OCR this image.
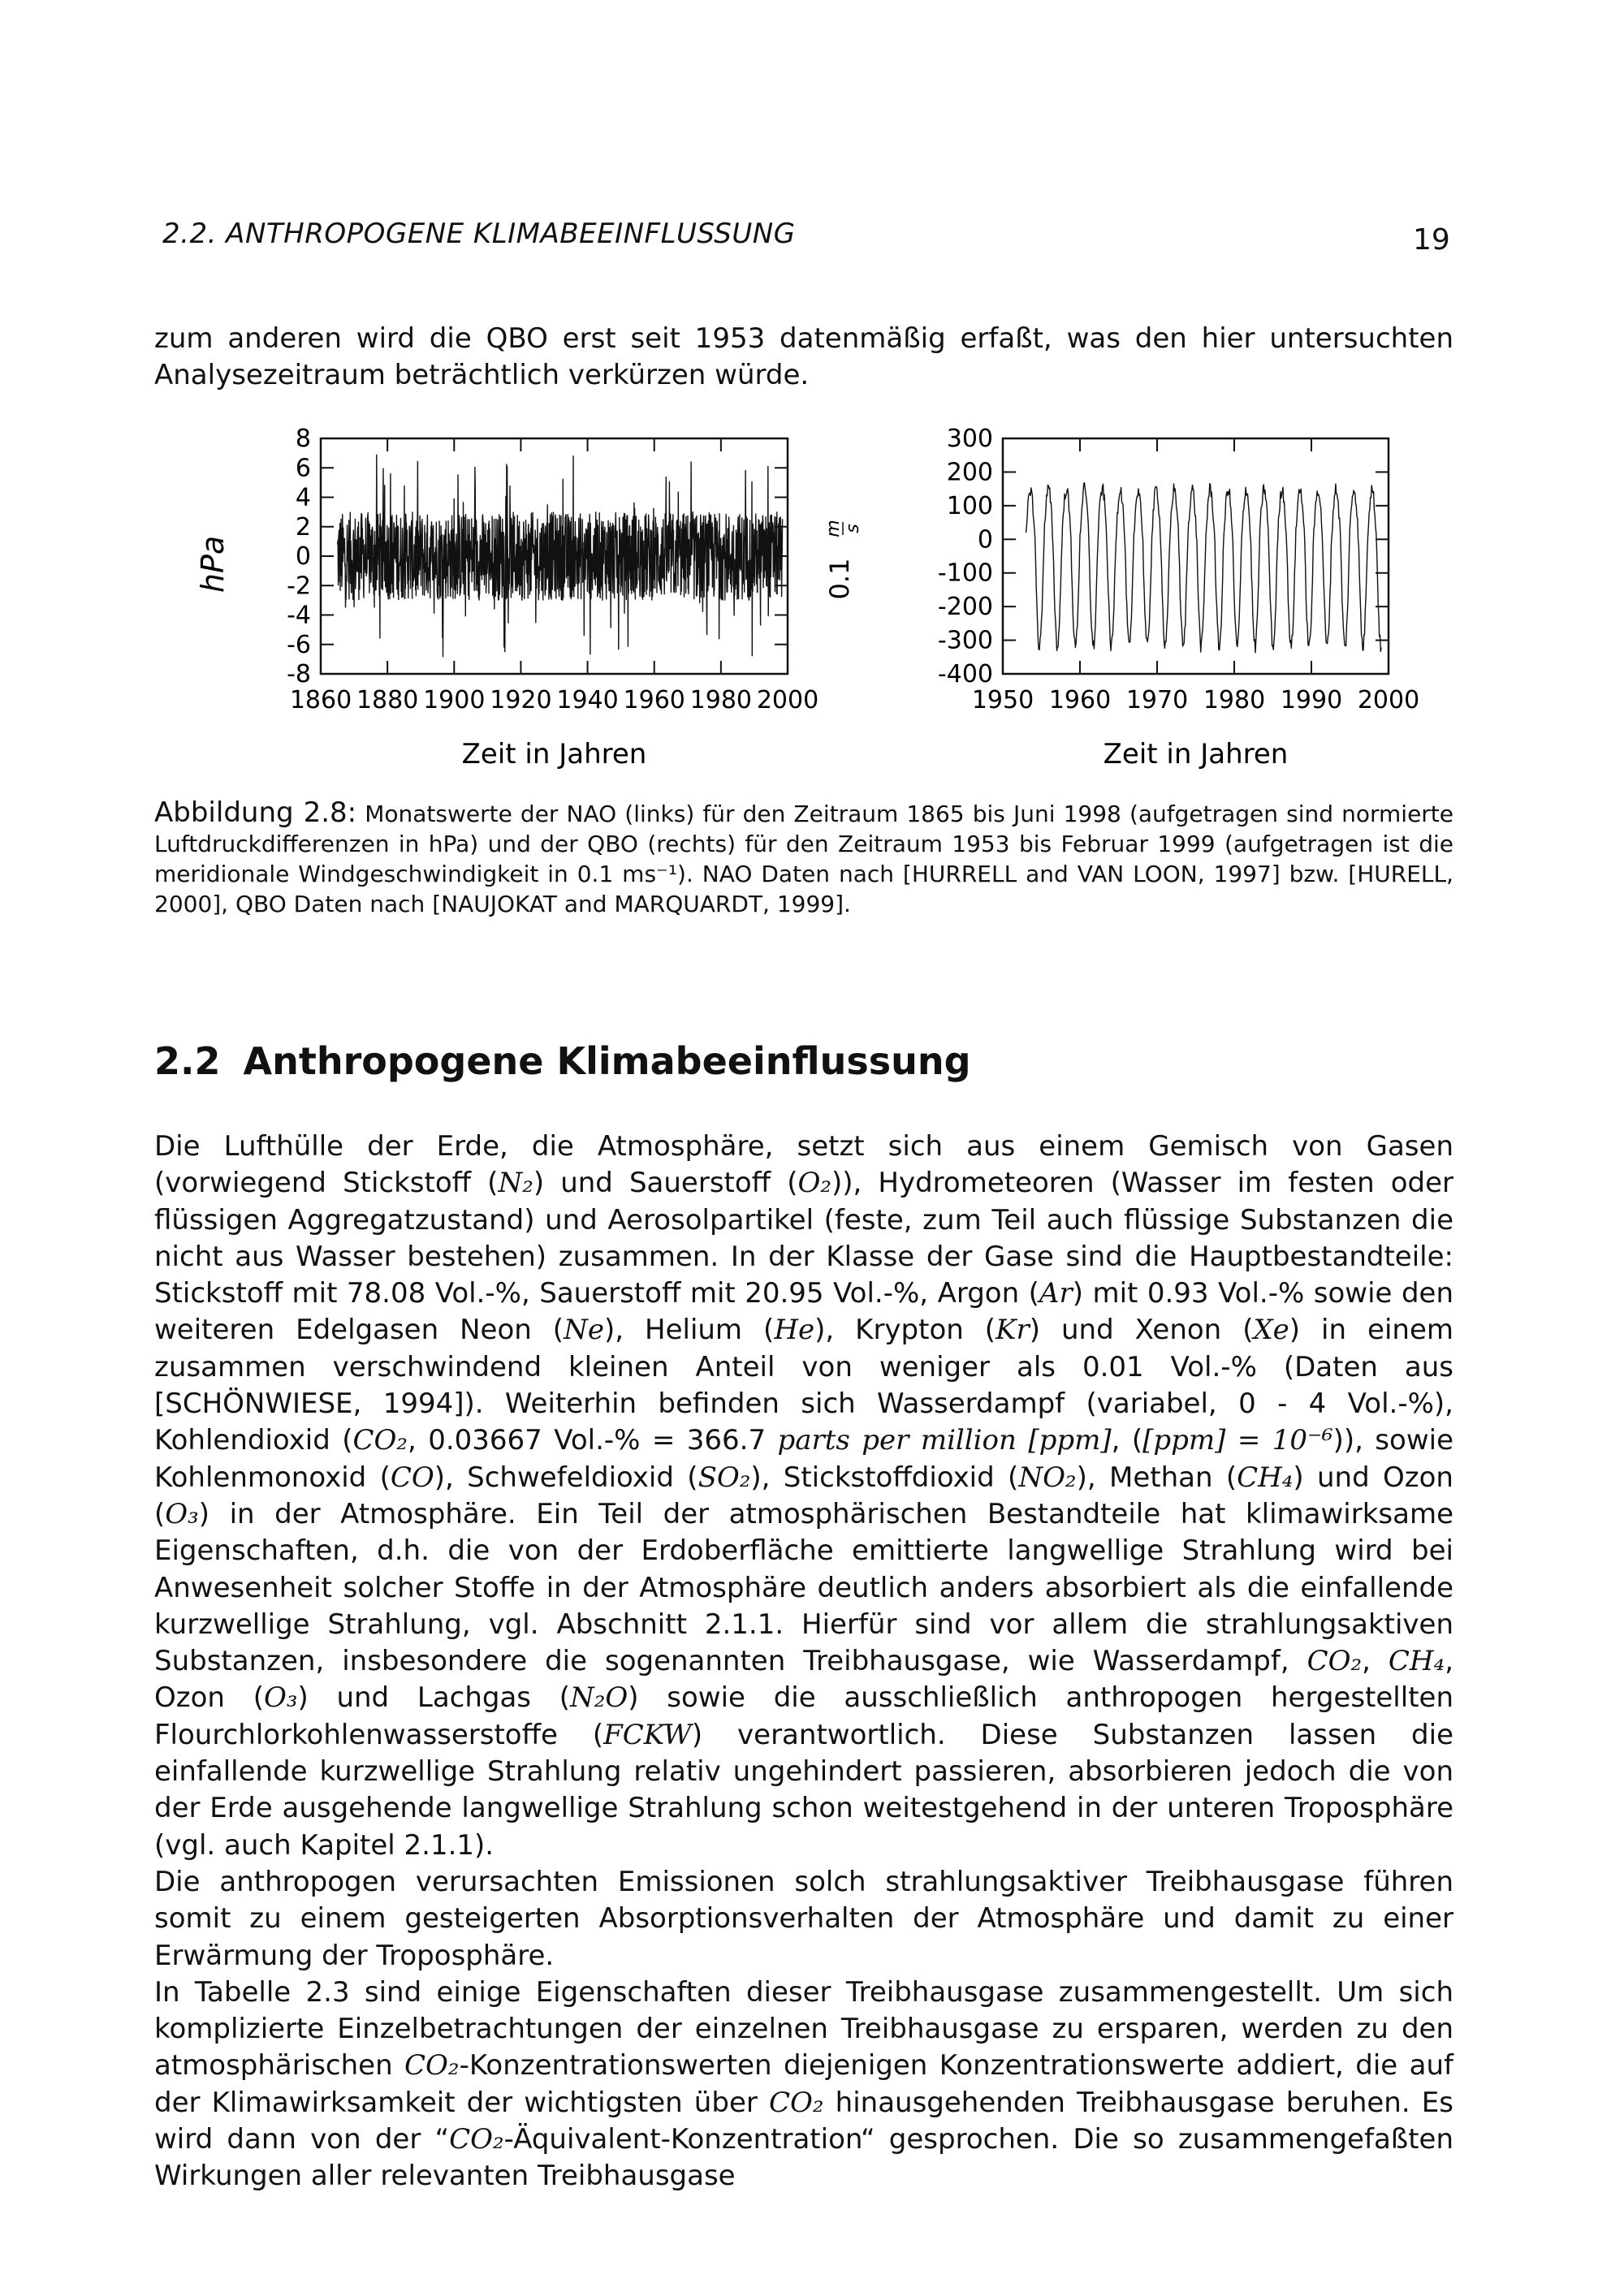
2.2. ANTHROPOGENE KLIMABEEINFLUSSUNG	19
zum anderen wird die QBO erst seit 1953 datenmäßig erfaßt, was den hier untersuchten Analysezeitraum beträchtlich verkürzen würde.
8
6
4
2
0
-2
-4
-6
-8
1860 1880 1900 1920 1940 1960 1980 2000
Zeit in Jahren
300
200
100
0
-100
-200
-300
-400
1950 1960 1970 1980 1990 2000
Zeit in Jahren
hPa	0.1
m s
Abbildung 2.8: Monatswerte der NAO (links) für den Zeitraum 1865 bis Juni 1998 (aufgetragen sind normierte Luftdruckdifferenzen in hPa) und der QBO (rechts) für den Zeitraum 1953 bis Februar 1999 (aufgetragen ist die meridionale Windgeschwindigkeit in 0.1 ms⁻¹). NAO Daten nach [HURRELL and VAN LOON, 1997] bzw. [HURELL, 2000], QBO Daten nach [NAUJOKAT and MARQUARDT, 1999].
2.2 Anthropogene Klimabeeinflussung

Die Lufthülle der Erde, die Atmosphäre, setzt sich aus einem Gemisch von Gasen (vorwiegend Stickstoff (N₂) und Sauerstoff (O₂)), Hydrometeoren (Wasser im festen oder flüssigen Aggregatzustand) und Aerosolpartikel (feste, zum Teil auch flüssige Substanzen die nicht aus Wasser bestehen) zusammen. In der Klasse der Gase sind die Hauptbestandteile: Stickstoff mit 78.08 Vol.-%, Sauerstoff mit 20.95 Vol.-%, Argon (Ar) mit 0.93 Vol.-% sowie den weiteren Edelgasen Neon (Ne), Helium (He), Krypton (Kr) und Xenon (Xe) in einem zusammen verschwindend kleinen Anteil von weniger als 0.01 Vol.-% (Daten aus [SCHÖNWIESE, 1994]). Weiterhin befinden sich Wasserdampf (variabel, 0 - 4 Vol.-%), Kohlendioxid (CO₂, 0.03667 Vol.-% = 366.7 parts per million [ppm], ([ppm] = 10⁻⁶)), sowie Kohlenmonoxid (CO), Schwefeldioxid (SO₂), Stickstoffdioxid (NO₂), Methan (CH₄) und Ozon (O₃) in der Atmosphäre. Ein Teil der atmosphärischen Bestandteile hat klimawirksame Eigenschaften, d.h. die von der Erdoberfläche emittierte langwellige Strahlung wird bei Anwesenheit solcher Stoffe in der Atmosphäre deutlich anders absorbiert als die einfallende kurzwellige Strahlung, vgl. Abschnitt 2.1.1. Hierfür sind vor allem die strahlungsaktiven Substanzen, insbesondere die sogenannten Treibhausgase, wie Wasserdampf, CO₂, CH₄, Ozon (O₃) und Lachgas (N₂O) sowie die ausschließlich anthropogen hergestellten Flourchlorkohlenwasserstoffe (FCKW) verantwortlich. Diese Substanzen lassen die einfallende kurzwellige Strahlung relativ ungehindert passieren, absorbieren jedoch die von der Erde ausgehende langwellige Strahlung schon weitestgehend in der unteren Troposphäre (vgl. auch Kapitel 2.1.1).

Die anthropogen verursachten Emissionen solch strahlungsaktiver Treibhausgase führen somit zu einem gesteigerten Absorptionsverhalten der Atmosphäre und damit zu einer Erwärmung der Troposphäre.

In Tabelle 2.3 sind einige Eigenschaften dieser Treibhausgase zusammengestellt. Um sich komplizierte Einzelbetrachtungen der einzelnen Treibhausgase zu ersparen, werden zu den atmosphärischen CO₂-Konzentrationswerten diejenigen Konzentrationswerte addiert, die auf der Klimawirksamkeit der wichtigsten über CO₂ hinausgehenden Treibhausgase beruhen. Es wird dann von der “CO₂-Äquivalent-Konzentration“ gesprochen. Die so zusammengefaßten Wirkungen aller relevanten Treibhausgase
